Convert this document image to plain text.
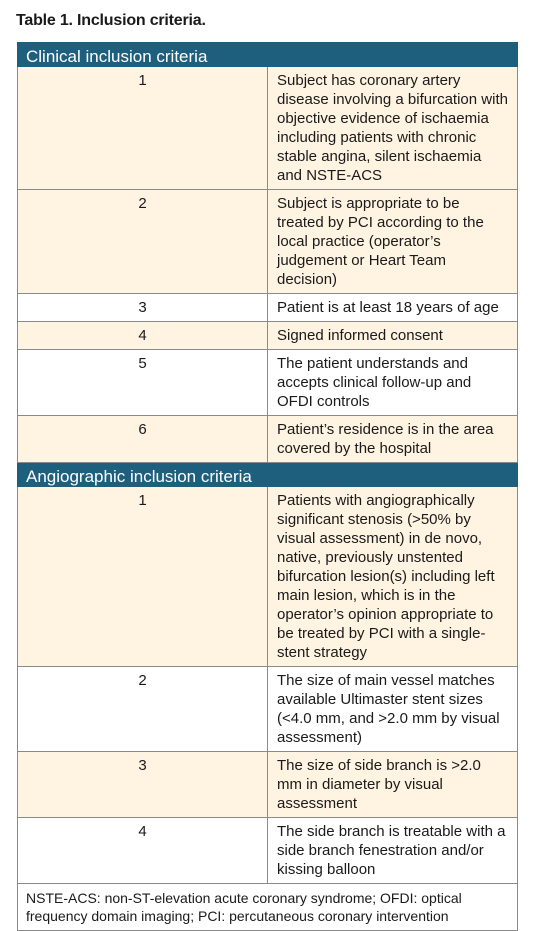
Table 1. Inclusion criteria.
Clinical inclusion criteria	
1	Subject has coronary artery disease involving a bifurcation with objective evidence of ischaemia including patients with chronic stable angina, silent ischaemia and NSTE-ACS
2	Subject is appropriate to be treated by PCI according to the local practice (operator’s judgement or Heart Team decision)
3	Patient is at least 18 years of age
4	Signed informed consent
5	The patient understands and accepts clinical follow-up and OFDI controls
6	Patient’s residence is in the area covered by the hospital
Angiographic inclusion criteria	
1	Patients with angiographically significant stenosis (>50% by visual assessment) in de novo, native, previously unstented bifurcation lesion(s) including left main lesion, which is in the operator’s opinion appropriate to be treated by PCI with a single-stent strategy
2	The size of main vessel matches available Ultimaster stent sizes (<4.0 mm, and >2.0 mm by visual assessment)
3	The size of side branch is >2.0 mm in diameter by visual assessment
4	The side branch is treatable with a side branch fenestration and/or kissing balloon
NSTE-ACS: non-ST-elevation acute coronary syndrome; OFDI: optical frequency domain imaging; PCI: percutaneous coronary intervention	
